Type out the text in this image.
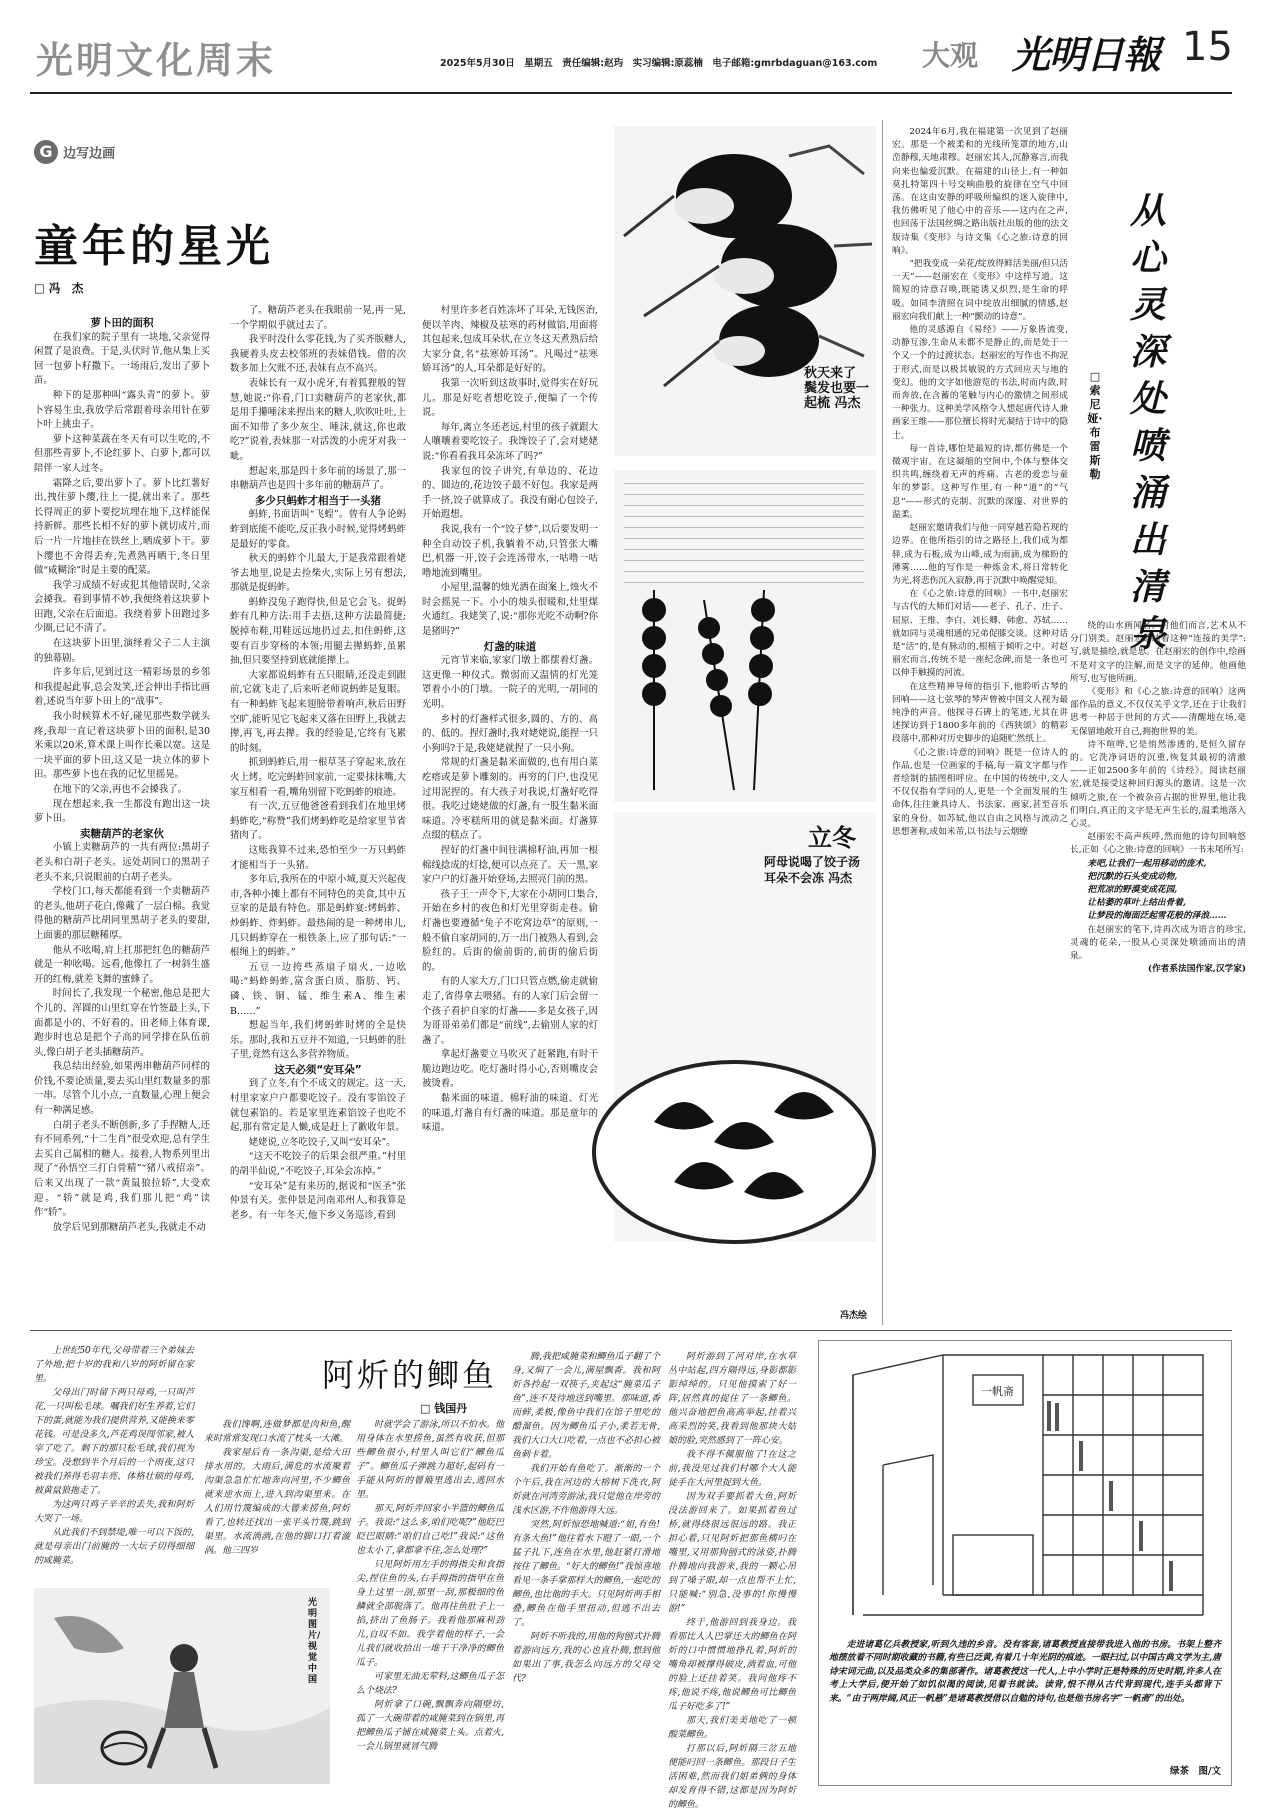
光明文化周末	2025年5月30日　星期五　责任编辑:赵玙　实习编辑:原蕊楠　电子邮箱:gmrbdaguan@163.com 大观 光明日報 15
G 边写边画
童年的星光
□ 冯　杰

萝卜田的面积

在我们家的院子里有一块地,父亲觉得闲置了是浪费。于是,头伏时节,他从集上买回一包萝卜籽撒下。一场雨后,发出了萝卜苗。

种下的是那种叫“露头青”的萝卜。萝卜容易生虫,我放学后常跟着母亲用针在萝卜叶上挑虫子。

萝卜这种菜蔬在冬天有可以生吃的,不但那些青萝卜,不论红萝卜、白萝卜,都可以陪伴一家人过冬。

霜降之后,要出萝卜了。萝卜比红薯好出,拽住萝卜缨,往上一提,就出来了。那些长得周正的萝卜要挖坑埋在地下,这样能保持新鲜。那些长相不好的萝卜就切成片,而后一片一片地挂在铁丝上,晒成萝卜干。萝卜缨也不舍得丢弃,先煮熟再晒干,冬日里做“咸糊涂”时是主要的配菜。

我学习成绩不好或犯其他错误时,父亲会搡我。看到事情不妙,我便绕着这块萝卜田跑,父亲在后面追。我绕着萝卜田跑过多少圈,已记不清了。

在这块萝卜田里,演绎着父子二人主演的独幕剧。

许多年后,见到过这一精彩场景的乡邻和我提起此事,总会发笑,还会伸出手指比画着,述说当年萝卜田上的“战事”。

我小时候算术不好,碰见那些数学就头疼,我却一直记着这块萝卜田的面积,是30米乘以20米,算术课上叫作长乘以宽。这是一块平面的萝卜田,这又是一块立体的萝卜田。那些萝卜也在我的记忆里摇晃。

在地下的父亲,再也不会搡我了。

现在想起来,我一生都没有跑出这一块萝卜田。

卖糖葫芦的老家伙

小镇上卖糖葫芦的一共有两位:黑胡子老头和白胡子老头。远处胡同口的黑胡子老头不来,只说眼前的白胡子老头。

学校门口,每天都能看到一个卖糖葫芦的老头,他胡子花白,像戴了一层白棉。我觉得他的糖葫芦比胡同里黑胡子老头的要甜,上面裹的那层糖稀厚。

他从不吆喝,肩上扛那把红色的糖葫芦就是一种吆喝。远看,他像扛了一树斜生盛开的红梅,就差飞舞的蜜蜂了。

时间长了,我发现一个秘密,他总是把大个儿的、浑圆的山里红穿在竹签最上头,下面都是小的、不好看的。田老师上体育课,跑步时也总是把个子高的同学排在队伍前头,像白胡子老头插糖葫芦。

我总结出经验,如果两串糖葫芦同样的价钱,不要论质量,要去买山里红数量多的那一串。尽管个儿小点,一直数量,心理上便会有一种满足感。

白胡子老头不断创新,多了手捏糖人,还有不同系列,“十二生肖”很受欢迎,总有学生去买自己属相的糖人。接着,人物系列里出现了“孙悟空三打白骨精”“猪八戒招亲”。后来又出现了一款“黄鼠狼拉轿”,大受欢迎。“轿”就是鸡,我们那儿把“鸡”读作“轿”。

放学后见到那糖葫芦老头,我就走不动

了。糖葫芦老头在我眼前一晃,再一晃,一个学期似乎就过去了。

我平时没什么零花钱,为了买齐版糖人,我硬着头皮去校邻班的表妹借钱。借的次数多加上欠账不还,表妹有点不高兴。

表妹长有一双小虎牙,有着狐狸般的智慧,她说:“你看,门口卖糖葫芦的老家伙,都是用手攥唾沫来捏出来的糖人,吹吹吐吐,上面不知带了多少灰尘、唾沫,就这,你也敢吃?”说着,表妹那一对活泼的小虎牙对我一呲。

想起来,那是四十多年前的场景了,那一串糖葫芦也是四十多年前的糖葫芦了。

多少只蚂蚱才相当于一头猪

蚂蚱,书面语叫“飞蝗”。曾有人争论蚂蚱到底能不能吃,反正我小时候,觉得烤蚂蚱是最好的零食。

秋天的蚂蚱个儿最大,于是我常跟着姥爷去地里,说是去捡柴火,实际上另有想法,那就是捉蚂蚱。

蚂蚱没兔子跑得快,但是它会飞。捉蚂蚱有几种方法:用手去捂,这种方法最简捷;脱掉布鞋,用鞋远远地扔过去,扣住蚂蚱,这要有百步穿杨的本领;用腿去撵蚂蚱,虽累抽,但只要坚持到底就能撵上。

大家都说蚂蚱有五只眼睛,还没走到跟前,它就飞走了,后来听老师说蚂蚱是复眼。有一种蚂蚱飞起来翅膀带着响声,秋后田野空旷,能听见它飞起来又落在田野上,我就去撵,再飞,再去撵。我的经验是,它终有飞累的时刻。

抓到蚂蚱后,用一根草茎子穿起来,放在火上烤。吃完蚂蚱回家前,一定要抹抹嘴,大家互相看一看,嘴角别留下吃蚂蚱的痕迹。

有一次,五豆他爸爸看到我们在地里烤蚂蚱吃,“称赞”我们烤蚂蚱吃是给家里节省猪肉了。

这账我算不过来,恐怕至少一万只蚂蚱才能相当于一头猪。

多年后,我所在的中原小城,夏天兴起夜市,各种小摊上都有不同特色的美食,其中五豆家的是最有特色。那是蚂蚱宴:烤蚂蚱、炒蚂蚱、炸蚂蚱。最热闹的是一种烤串儿,几只蚂蚱穿在一根铁条上,应了那句话:“一根绳上的蚂蚱。”

五豆一边挎些蒸扇子扇火,一边吆喝:“蚂蚱蚂蚱,富含蛋白质、脂肪、钙、磷、铁、铜、锰、维生素A、维生素B……”

想起当年,我们烤蚂蚱时烤的全是快乐。那时,我和五豆并不知道,一只蚂蚱的肚子里,竟然有这么多营养物质。

这天必须“安耳朵”

到了立冬,有个不成文的规定。这一天,村里家家户户都要吃饺子。没有零馅饺子就包素馅的。若是家里连素馅饺子也吃不起,那有常定是人懒,成是赶上了歉收年景。

姥姥说,立冬吃饺子,又叫“安耳朵”。

“这天不吃饺子的后果会很严重。”村里的胡半仙说,“不吃饺子,耳朵会冻掉。”

“安耳朵”是有来历的,据说和“医圣”张仲景有关。张仲景是河南邓州人,和我算是老乡。有一年冬天,他下乡义务巡诊,看到

村里许多老百姓冻坏了耳朵,无钱医治,便以羊肉、辣椒及祛寒的药材做馅,用面将其包起来,包成耳朵状,在立冬这天煮熟后给大家分食,名“祛寒娇耳汤”。凡喝过“祛寒娇耳汤”的人,耳朵都是好好的。

我第一次听到这故事时,觉得实在好玩儿。那是好吃者想吃饺子,便编了一个传说。

每年,离立冬还老远,村里的孩子就跟大人嚷嚷着要吃饺子。我馋饺子了,会对姥姥说:“你看看我耳朵冻坏了吗?”

我家包的饺子讲究,有单边的、花边的、圆边的,花边饺子最不好包。我家是两手一挤,饺子就算成了。我没有耐心包饺子,开始遐想。

我说,我有一个“饺子梦”,以后要发明一种全自动饺子机,我躺着不动,只管张大嘴巴,机器一开,饺子会连汤带水,一咕噜一咕噜地流到嘴里。

小屋里,温馨的烛光洒在面案上,烛火不时会摇晃一下。小小的烛头很暖和,灶里煤火通红。我姥笑了,说:“那你光吃不动啊?你是猪吗?”

灯盏的味道

元宵节来临,家家门墩上都摆着灯盏。这更像一种仪式。微弱而又温情的灯光笼罩着小小的门墩。一院子的光明,一胡同的光明。

乡村的灯盏样式很多,圆的、方的、高的、低的。捏灯盏时,我对姥姥说,能捏一只小狗吗?于是,我姥姥就捏了一只小狗。

常规的灯盏是黏米面做的,也有用白菜疙瘩或是萝卜雕刻的。再穷的门户,也没见过用泥捏的。有大孩子对我说,灯盏好吃得很。我吃过姥姥做的灯盏,有一股生黏米面味道。冷枣糕所用的就是黏米面。灯盏算点缀的糕点了。

捏好的灯盏中间往满棉籽油,再加一根棉线捻成的灯捻,便可以点亮了。天一黑,家家户户的灯盏开始登场,去照亮门前的黑。

孩子王一声令下,大家在小胡同口集合,开始在乡村的夜色和灯光里穿街走巷。偷灯盏也要遵循“兔子不吃窝边草”的原则,一般不偷自家胡同的,万一出门被熟人看到,会脸红的。后街的偷前街的,前街的偷后街的。

有的人家大方,门口只管点燃,偷走就偷走了,省得拿去喂猪。有的人家门后会留一个孩子看护自家的灯盏——多是女孩子,因为哥哥弟弟们都是“前线”,去偷别人家的灯盏了。

拿起灯盏要立马吹灭了赶紧跑,有时干脆边跑边吃。吃灯盏时得小心,否则嘴皮会被烫着。

黏米面的味道、棉籽油的味道、灯光的味道,灯盏自有灯盏的味道。那是童年的味道。

秋天来了 鬓发也要一起梳 冯杰
立冬
阿母说喝了饺子汤 耳朵不会冻 冯杰
冯杰绘

2024年6月,我在福建第一次见到了赵丽宏。那是一个被柔和的光线所笼罩的地方,山峦静穆,天地肃穆。赵丽宏其人,沉静寡言,而我向来也偏爱沉默。在福建的山径上,有一种如莫扎特第四十号交响曲般的旋律在空气中回荡。在这由安静的呼吸所编织的迷人旋律中,我仿佛听见了他心中的音乐——这内在之声,也回荡于法国丝绸之路出版社出版的他的法文版诗集《变形》与诗文集《心之旅:诗意的回响》。

“把我变成一朵花/绽放得鲜活美丽/但只活一天”——赵丽宏在《变形》中这样写道。这简短的诗意召唤,既能诱又炽烈,是生命的呼吸。如同李清照在词中绽放出细腻的情感,赵丽宏向我们献上一种“颤动的诗意”。

他的灵感源自《易经》——万象皆流变,动静互渗,生命从未都不是静止的,而是处于一个又一个的过渡状态。赵丽宏的写作也不拘泥于形式,而是以极其敏锐的方式回应天与地的变幻。他的文字如他游览的书法,时而内敛,时而奔放,在含蓄的笔触与内心的激情之间形成一种张力。这种美学风格令人想起唐代诗人兼画家王维——那位擅长将时光凝结于诗中的隐士。

每一首诗,哪怕是最短的诗,都仿佛是一个微观宇宙。在这凝缩的空间中,个体与整体交织共鸣,缠绕着无声的疼痛、古老的爱恋与童年的梦影。这种写作里,有一种“道”的“气息”——形式的克制、沉默的深邃、对世界的温柔。

赵丽宏邀请我们与他一同穿越若隐若现的边界。在他所指引的诗之路径上,我们成为都驿,成为石板,成为山峰,成为雨滴,成为梯盼的薄雾……他的写作是一种炼金术,将日常转化为光,将悲伤沉入寂静,再于沉默中唤醒觉知。

在《心之旅:诗意的回响》一书中,赵丽宏与古代的大师们对话——老子、孔子、庄子、屈原、王维、李白、刘长卿、韩愈、苏轼……就如同与灵魂相通的兄弟促膝交谈。这种对话是“活”的,是有脉动的,根植于倾听之中。对赵丽宏而言,传统不是一座纪念碑,而是一条也可以伸手触摸的河流。

在这些精神导师的指引下,他聆听古琴的回响——这七弦琴的琴声曾被中国文人视为最纯净的声音。他探寻石碑上的笔迹,尤其在讲述探访到于1800多年前的《西狭颂》的精彩段落中,那种对历史脚步的追随贮然纸上。

《心之旅:诗意的回响》既是一位诗人的作品,也是一位画家的手稿,每一篇文字都与作者绘制的插图相呼应。在中国的传统中,文人不仅仅指有学问的人,更是一个全面发展的生命体,往往兼具诗人、书法家、画家,甚至音乐家的身份。如苏轼,他以自由之风格与流动之思想著称,成如米芾,以书法与云烟缭

从心灵深处喷涌出清泉
□ 索尼娅·布雷斯勒

绕的山水画闻名。对他们而言,艺术从不分门别类。赵丽宏延续着这种“连接的美学”:写,就是描绘,就是思。在赵丽宏的创作中,绘画不是对文字的注解,而是文字的延伸。他画他所写,也写他所画。

《变形》和《心之旅:诗意的回响》这两部作品的意义,不仅仅关乎文学,还在于让我们思考一种居于世间的方式——清醒地在场,毫无保留地敞开自己,拥抱世界的美。

诗不喧哗,它是悄然渗透的,是恒久留存的。它洗净词语的沉重,恢复其最初的清澈——正如2500多年前的《诗经》。阅读赵丽宏,就是接受这种回归源头的邀请。这是一次倾听之旅,在一个被杂音占据的世界里,他让我们明白,真正的文字是无声生长的,温柔地落入心灵。

赵丽宏不高声疾呼,然而他的诗句回响悠长,正如《心之旅:诗意的回响》一书末尾所写:

来吧,让我们一起用移动的庞术,

把沉默的石头变成动物,

把荒凉的野漠变成花园,

让枯萎的草叶上结出骨着,

让梦段的海面泛起雪花般的泽浪……

在赵丽宏的笔下,诗再次成为语言的珍宝,灵魂的花朵,一股从心灵深处喷涌而出的清泉。

(作者系法国作家,汉学家)

阿炘的鲫鱼
□ 钱国丹

上世纪50年代,父母带着三个弟妹去了外地,把十岁的我和八岁的阿炘留在家里。

父母出门时留下两只母鸡,一只叫芦花,一只叫松毛球。嘱我们好生养着,它们下的蛋,就能为我们提供营养,又能换来零花钱。可是没多久,芦花鸡误闯邻家,被人宰了吃了。剩下的那只松毛球,我们视为珍宝。没想到半个月后的一个雨夜,这只被我们养得毛羽丰亮、体格壮硕的母鸡,被黄鼠狼拖走了。

为这两只鸡子辛辛的丢失,我和阿炘大哭了一场。

从此我们不到禁堤,唯一可以下饭的,就是母亲出门前腌的一大坛子切得细细的咸腌菜。

我们馋啊,连做梦都是肉和鱼,醒来时常常发现口水流了枕头一大滩。

我家屋后有一条沟渠,是给大田排水用的。大雨后,满危的水流聚着沟渠急急忙忙地奔向河里,不少鲫鱼就来逆水而上,进入到沟渠里来。在人们用竹篾编成的大罾来捞鱼,阿炘看了,也转还找出一张平头竹篾,跳到渠里。水流淌淌,在他的脚口打着漩涡。他三四岁

时就学会了游泳,所以不怕水。他用身体在水里捞鱼,虽然有收获,但那些鲫鱼很小,村里人叫它们“鲫鱼瓜子”。鲫鱼瓜子弹跳力超好,起码有一手能从阿炘的罾簸里逃出去,逃回水里。

那天,阿炘弄回家小半篮的鲫鱼瓜子。我说:“这么多,咱们吃呢?”他眨巴眨巴眼睛:“咱们自己吃!”我说:“这鱼也太小了,拿都拿不住,怎么处理?”

只见阿炘用左手的拇指尖和食指尖,捏住鱼的头,右手拇指的指甲在鱼身上这里一剖,那里一刮,那极细的鱼鳞就全部脱落了。他再往鱼肚子上一掐,挤出了鱼肠子。我看他那麻利劲儿,自叹不如。我学着他的样子,一会儿我们就收拾出一堆干干净净的鲫鱼瓜子。

可家里无油无荤料,这鲫鱼瓜子怎么个烧法?

阿炘拿了口碗,飘飘奔向隔壁坊,孤了一大碗带着的咸腌菜到在锅里,再把鲫鱼瓜子铺在咸腌菜上头。点着火,一会儿锅里就冒气腾

腾,我把咸腌菜和鲫鱼瓜子翻了个身,又焖了一会儿,满屋飘香。我和阿炘各拎起一双筷子,夹起这“腌菜瓜子鱼”,连不及待地送到嘴里。那味道,香而鲜,柔极,像鱼中我们在馆子里吃的醋溜鱼。因为鲫鱼瓜子小,柔若无骨,我们大口大口吃着,一点也不必担心被鱼刺卡着。

我们开始有鱼吃了。渐渐的一个个午后,我在河边的大榕树下洗衣,阿炘就在河湾旁游泳,我只觉他在岸旁的浅水区游,不作他游得大远。

突然,阿炘惊恐地喊道:“姐,有鱼!有条大鱼!”他往着水下瞪了一眼,一个猛子扎下,连鱼在水里,他赶紧打滑地按住了鲫鱼。“好大的鲫鱼!”我惊喜地看见一条手掌那样大的鲫鱼,一起吃的鲫鱼,也比他的手大。只见阿炘两手相叠,鲫鱼在他手里扭动,但逃不出去了。

阿炘不听我的,用他的狗刨式扑腾着游向远方,我的心也直扑腾,想到他如果出了事,我怎么向远方的父母交代?

阿炘游到了河对岸,在水草丛中站起,四方隔得远,身影都影影绰绰的。只见他摸索了好一阵,居然真的捉住了一条鲫鱼。他兴奋地把鱼高高举起,挂着兴高采烈的笑,我看到他那块大姑娘的脸,突然感到了一阵心安。

我不得不佩服他了!在这之前,我没见过我们村哪个大人能徒手在大河里捉到大鱼。

因为双手要抓着大鱼,阿炘没法游回来了。如果抓着鱼过桥,就得绕很远很远的路。我正担心着,只见阿炘把那鱼横叼在嘴里,又用那狗刨式的泳姿,扑腾扑腾地向我游来,我的一颗心吊到了嗓子眼,却一点也帮不上忙,只能喊:“别急,没事的!你慢慢游!”

终于,他游回到我身边。我看那比人人巴掌还大的鲫鱼在阿炘的口中惯惯地挣扎着,阿炘的嘴角却被撑得破皮,淌着血,可他的脸上还挂着笑。我问他疼不疼,他说不疼,他说鲫鱼可比鲫鱼瓜子好吃多了!”

那天,我们美美地吃了一顿酸菜鲫鱼。

打那以后,阿炘隔三岔五地便能叼回一条鲫鱼。那段日子生活困难,然而我们姐弟俩的身体却发育得不错,这都是因为阿炘的鲫鱼。

光明图片/视觉中国
一帆斋
走进诸葛亿兵教授家,听到久违的乡音。没有客套,诸葛教授直接带我进入他的书房。书架上整齐地摆放着不同时期收藏的书籍,有些已泛黄,有着几十年光阴的痕迹。一眼扫过,以中国古典文学为主,唐诗宋词元曲,以及品类众多的集部著作。诸葛教授这一代人,上中小学时正是特殊的历史时期,许多人在考上大学后,便开始了如饥似渴的阅读,见着书就读。读背,恨不得从古代背到现代,连手头都背下来。“由于两岸阔,风正一帆悬”是诸葛教授借以自勉的诗句,也是他书房名字“一帆斋”的出处。
绿茶　图/文
